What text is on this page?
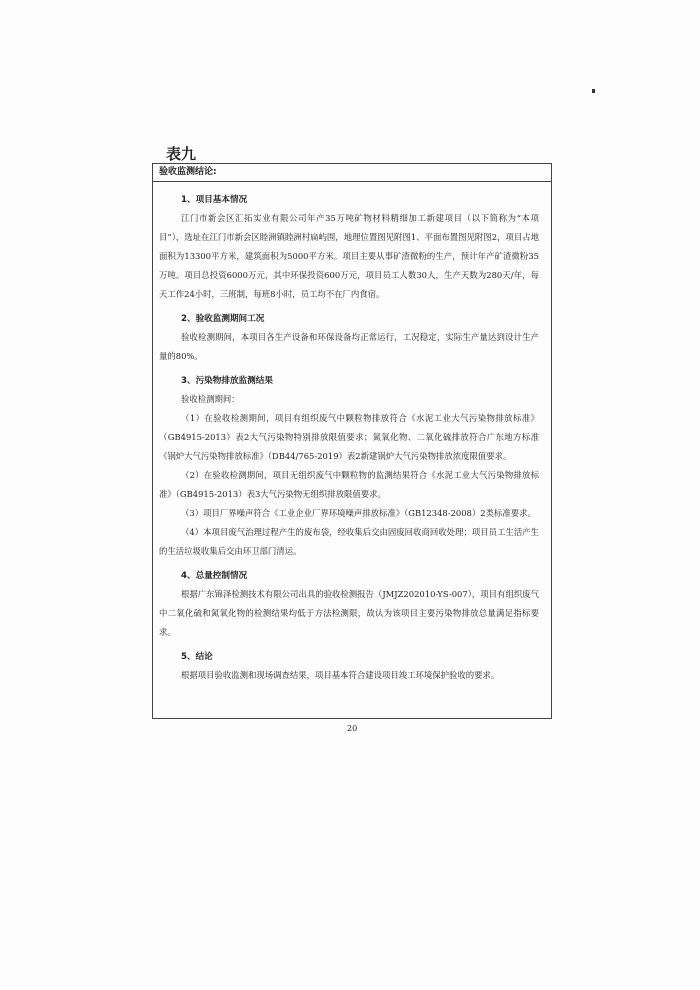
表九
验收监测结论:
1、项目基本情况

江门市新会区汇拓实业有限公司年产35万吨矿物材料精细加工新建项目（以下简称为“本项目”），选址在江门市新会区睦洲镇睦洲村扁屿围，地理位置图见附图1、平面布置图见附图2，项目占地面积为13300平方米，建筑面积为5000平方米。项目主要从事矿渣微粉的生产，预计年产矿渣微粉35万吨。项目总投资6000万元，其中环保投资600万元，项目员工人数30人，生产天数为280天/年，每天工作24小时，三班制，每班8小时，员工均不在厂内食宿。

2、验收监测期间工况

验收检测期间，本项目各生产设备和环保设备均正常运行，工况稳定，实际生产量达到设计生产量的80%。

3、污染物排放监测结果

验收检测期间：

（1）在验收检测期间，项目有组织废气中颗粒物排放符合《水泥工业大气污染物排放标准》（GB4915-2013）表2大气污染物特别排放限值要求；氮氧化物、二氧化硫排放符合广东地方标准《锅炉大气污染物排放标准》（DB44/765-2019）表2新建锅炉大气污染物排放浓度限值要求。

（2）在验收检测期间，项目无组织废气中颗粒物的监测结果符合《水泥工业大气污染物排放标准》（GB4915-2013）表3大气污染物无组织排放限值要求。

（3）项目厂界噪声符合《工业企业厂界环境噪声排放标准》（GB12348-2008）2类标准要求。

（4）本项目废气治理过程产生的废布袋，经收集后交由固废回收商回收处理；项目员工生活产生的生活垃圾收集后交由环卫部门清运。

4、总量控制情况

根据广东锦泽检测技术有限公司出具的验收检测报告（JMJZ202010-YS-007），项目有组织废气中二氧化硫和氮氧化物的检测结果均低于方法检测限，故认为该项目主要污染物排放总量满足指标要求。

5、结论

根据项目验收监测和现场调查结果，项目基本符合建设项目竣工环境保护验收的要求。

20
